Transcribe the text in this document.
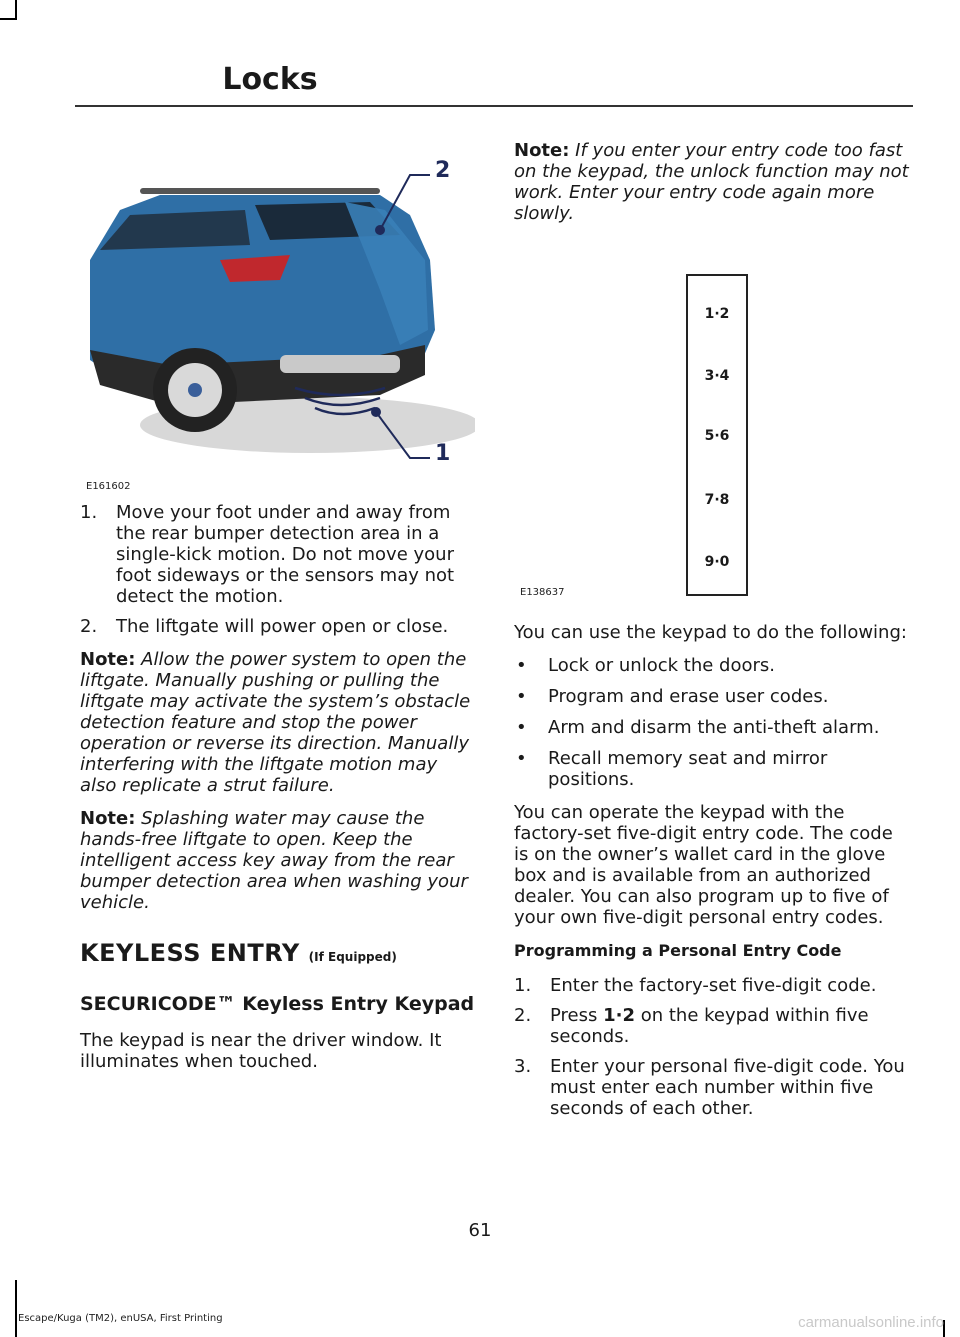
Locks
2
1
E161602
1. Move your foot under and away from the rear bumper detection area in a single-kick motion. Do not move your foot sideways or the sensors may not detect the motion.
2. The liftgate will power open or close.

Note: Allow the power system to open the liftgate. Manually pushing or pulling the liftgate may activate the system’s obstacle detection feature and stop the power operation or reverse its direction. Manually interfering with the liftgate motion may also replicate a strut failure.

Note: Splashing water may cause the hands-free liftgate to open. Keep the intelligent access key away from the rear bumper detection area when washing your vehicle.

KEYLESS ENTRY (If Equipped)
SECURICODE™ Keyless Entry Keypad

The keypad is near the driver window. It illuminates when touched.

Note: If you enter your entry code too fast on the keypad, the unlock function may not work. Enter your entry code again more slowly.

1·2
3·4
5·6
7·8
9·0
E138637

You can use the keypad to do the following:

• Lock or unlock the doors.
• Program and erase user codes.
• Arm and disarm the anti-theft alarm.
• Recall memory seat and mirror positions.

You can operate the keypad with the factory-set five-digit entry code. The code is on the owner’s wallet card in the glove box and is available from an authorized dealer. You can also program up to five of your own five-digit personal entry codes.

Programming a Personal Entry Code
1. Enter the factory-set five-digit code.
2. Press 1·2 on the keypad within five seconds.
3. Enter your personal five-digit code. You must enter each number within five seconds of each other.
61
Escape/Kuga (TM2), enUSA, First Printing	carmanualsonline.info
